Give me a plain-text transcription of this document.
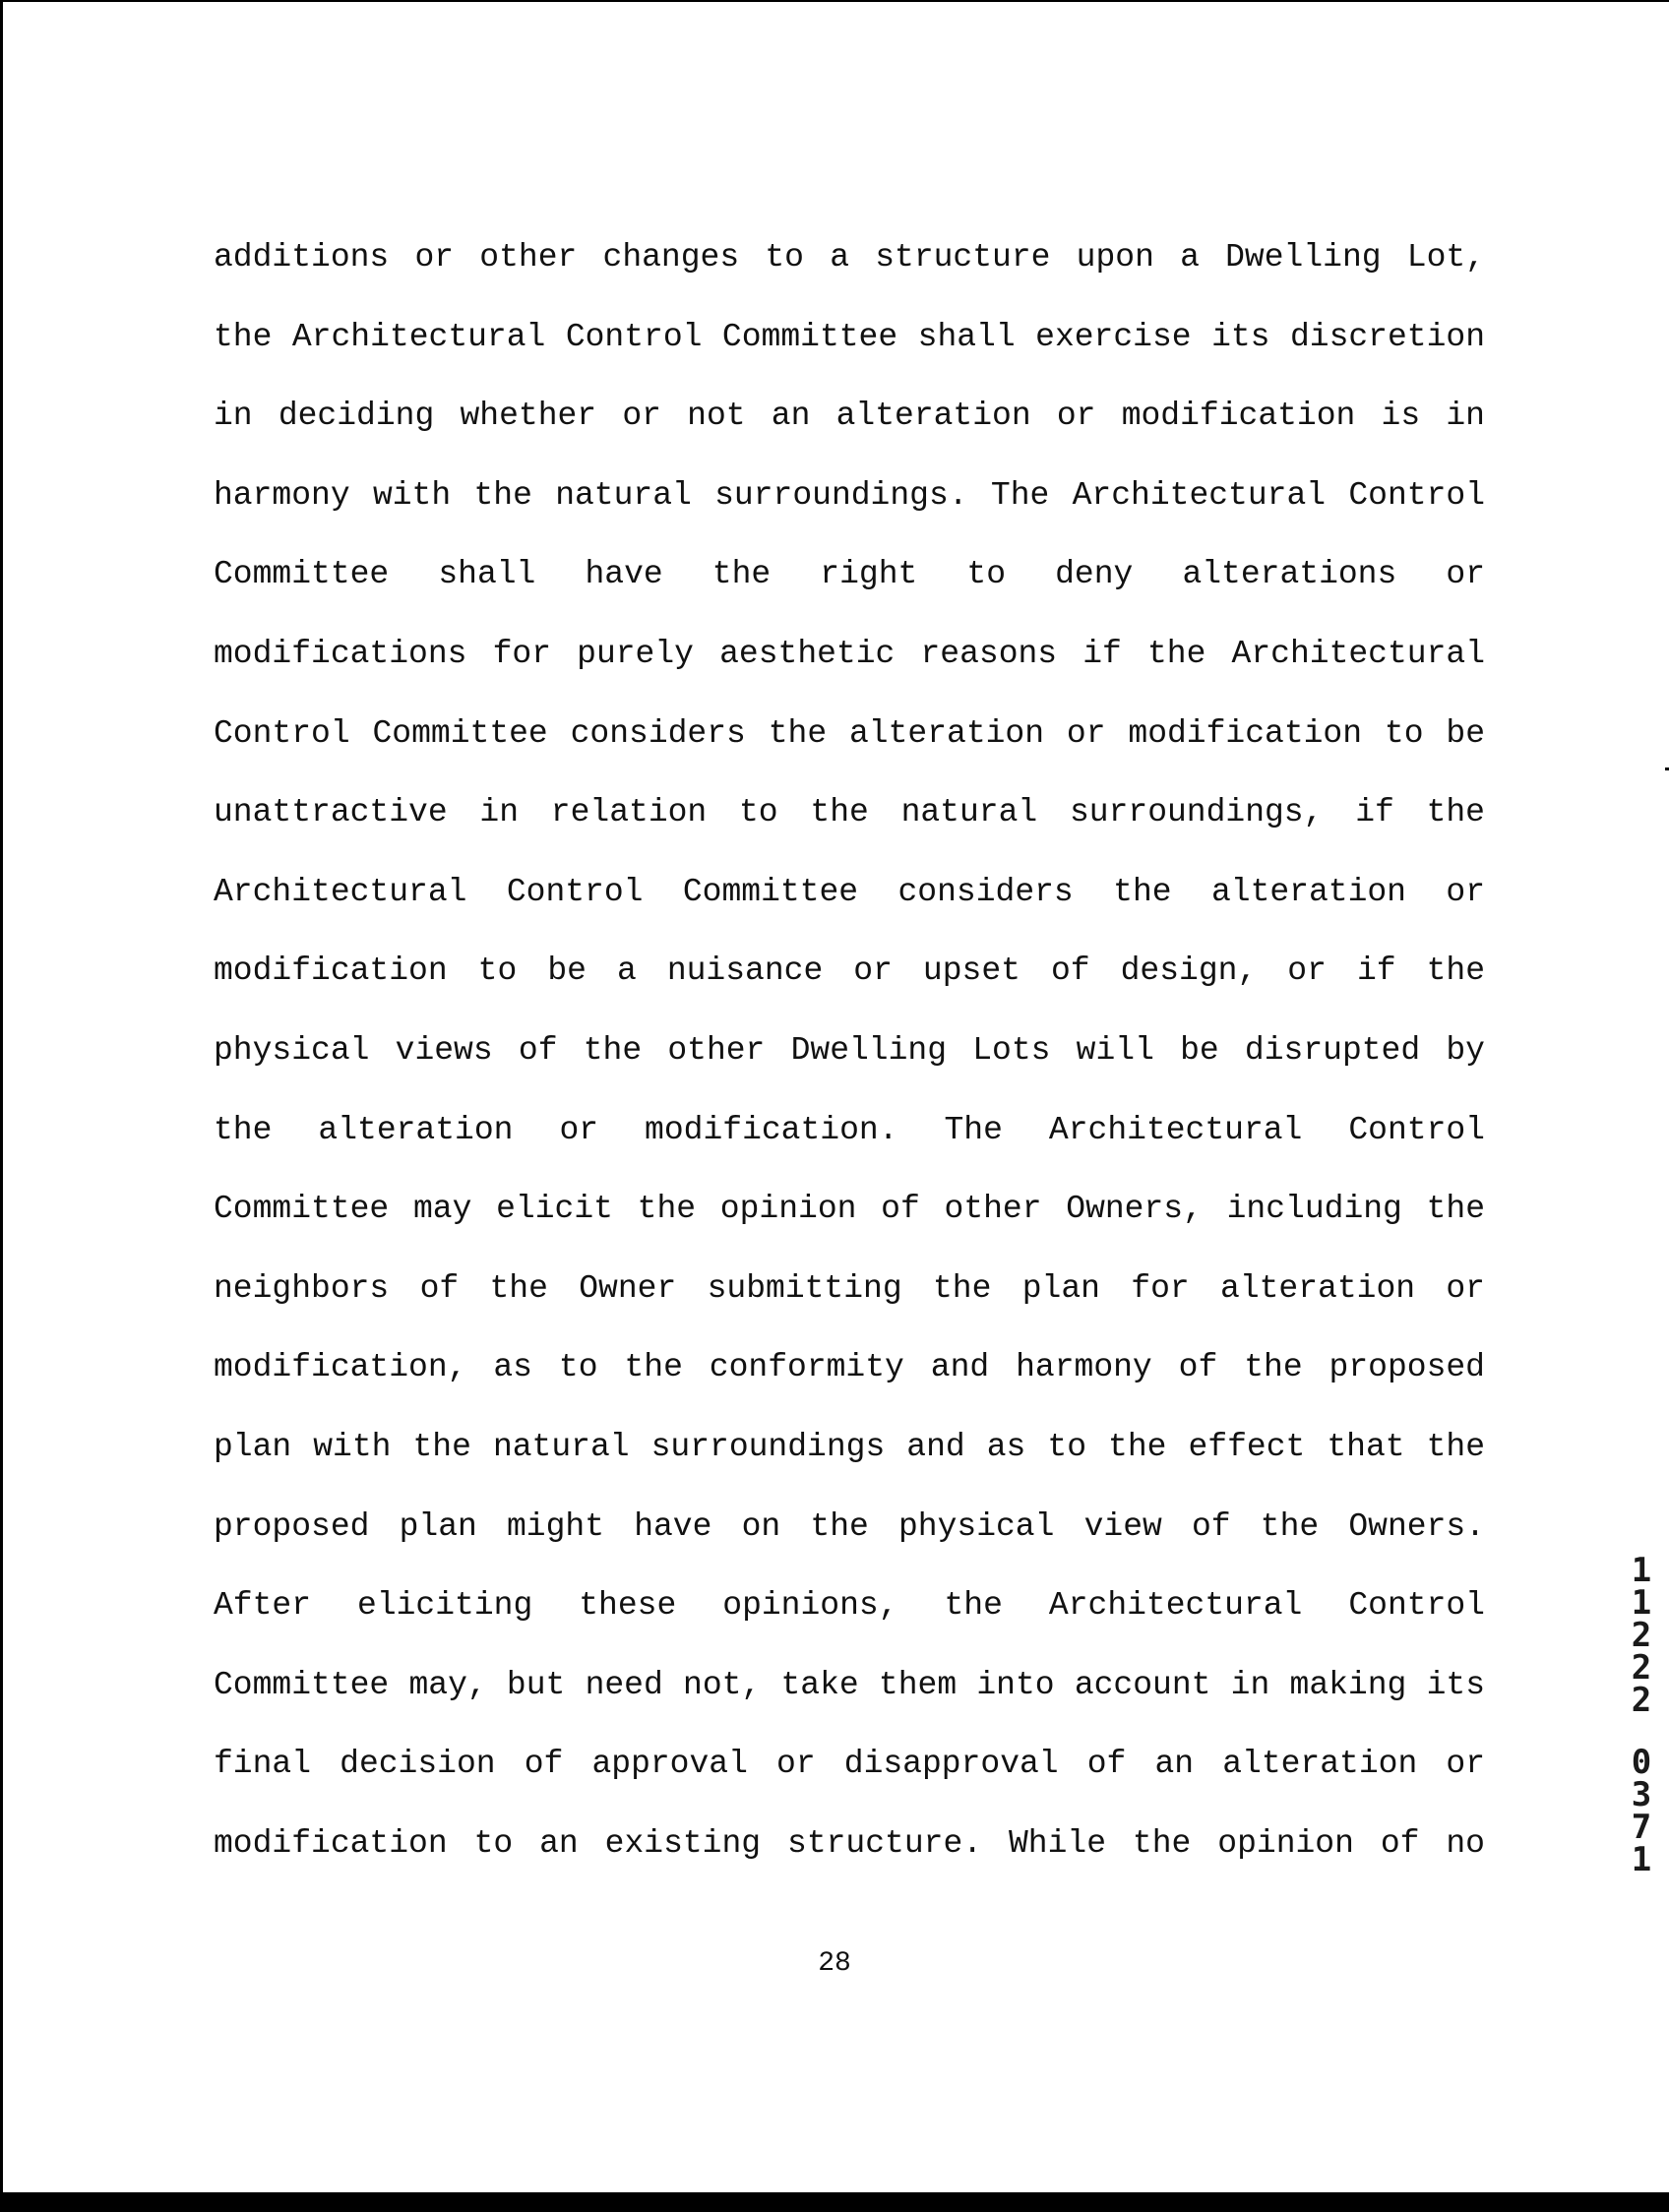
additions or other changes to a structure upon a Dwelling Lot,
the Architectural Control Committee shall exercise its discretion
in deciding whether or not an alteration or modification is in
harmony with the natural surroundings. The Architectural Control
Committee shall have the right to deny alterations or
modifications for purely aesthetic reasons if the Architectural
Control Committee considers the alteration or modification to be
unattractive in relation to the natural surroundings, if the
Architectural Control Committee considers the alteration or
modification to be a nuisance or upset of design, or if the
physical views of the other Dwelling Lots will be disrupted by
the alteration or modification. The Architectural Control
Committee may elicit the opinion of other Owners, including the
neighbors of the Owner submitting the plan for alteration or
modification, as to the conformity and harmony of the proposed
plan with the natural surroundings and as to the effect that the
proposed plan might have on the physical view of the Owners.
After eliciting these opinions, the Architectural Control
Committee may, but need not, take them into account in making its
final decision of approval or disapproval of an alteration or
modification to an existing structure. While the opinion of no
28
1
1
2
2
2
0
3
7
1
